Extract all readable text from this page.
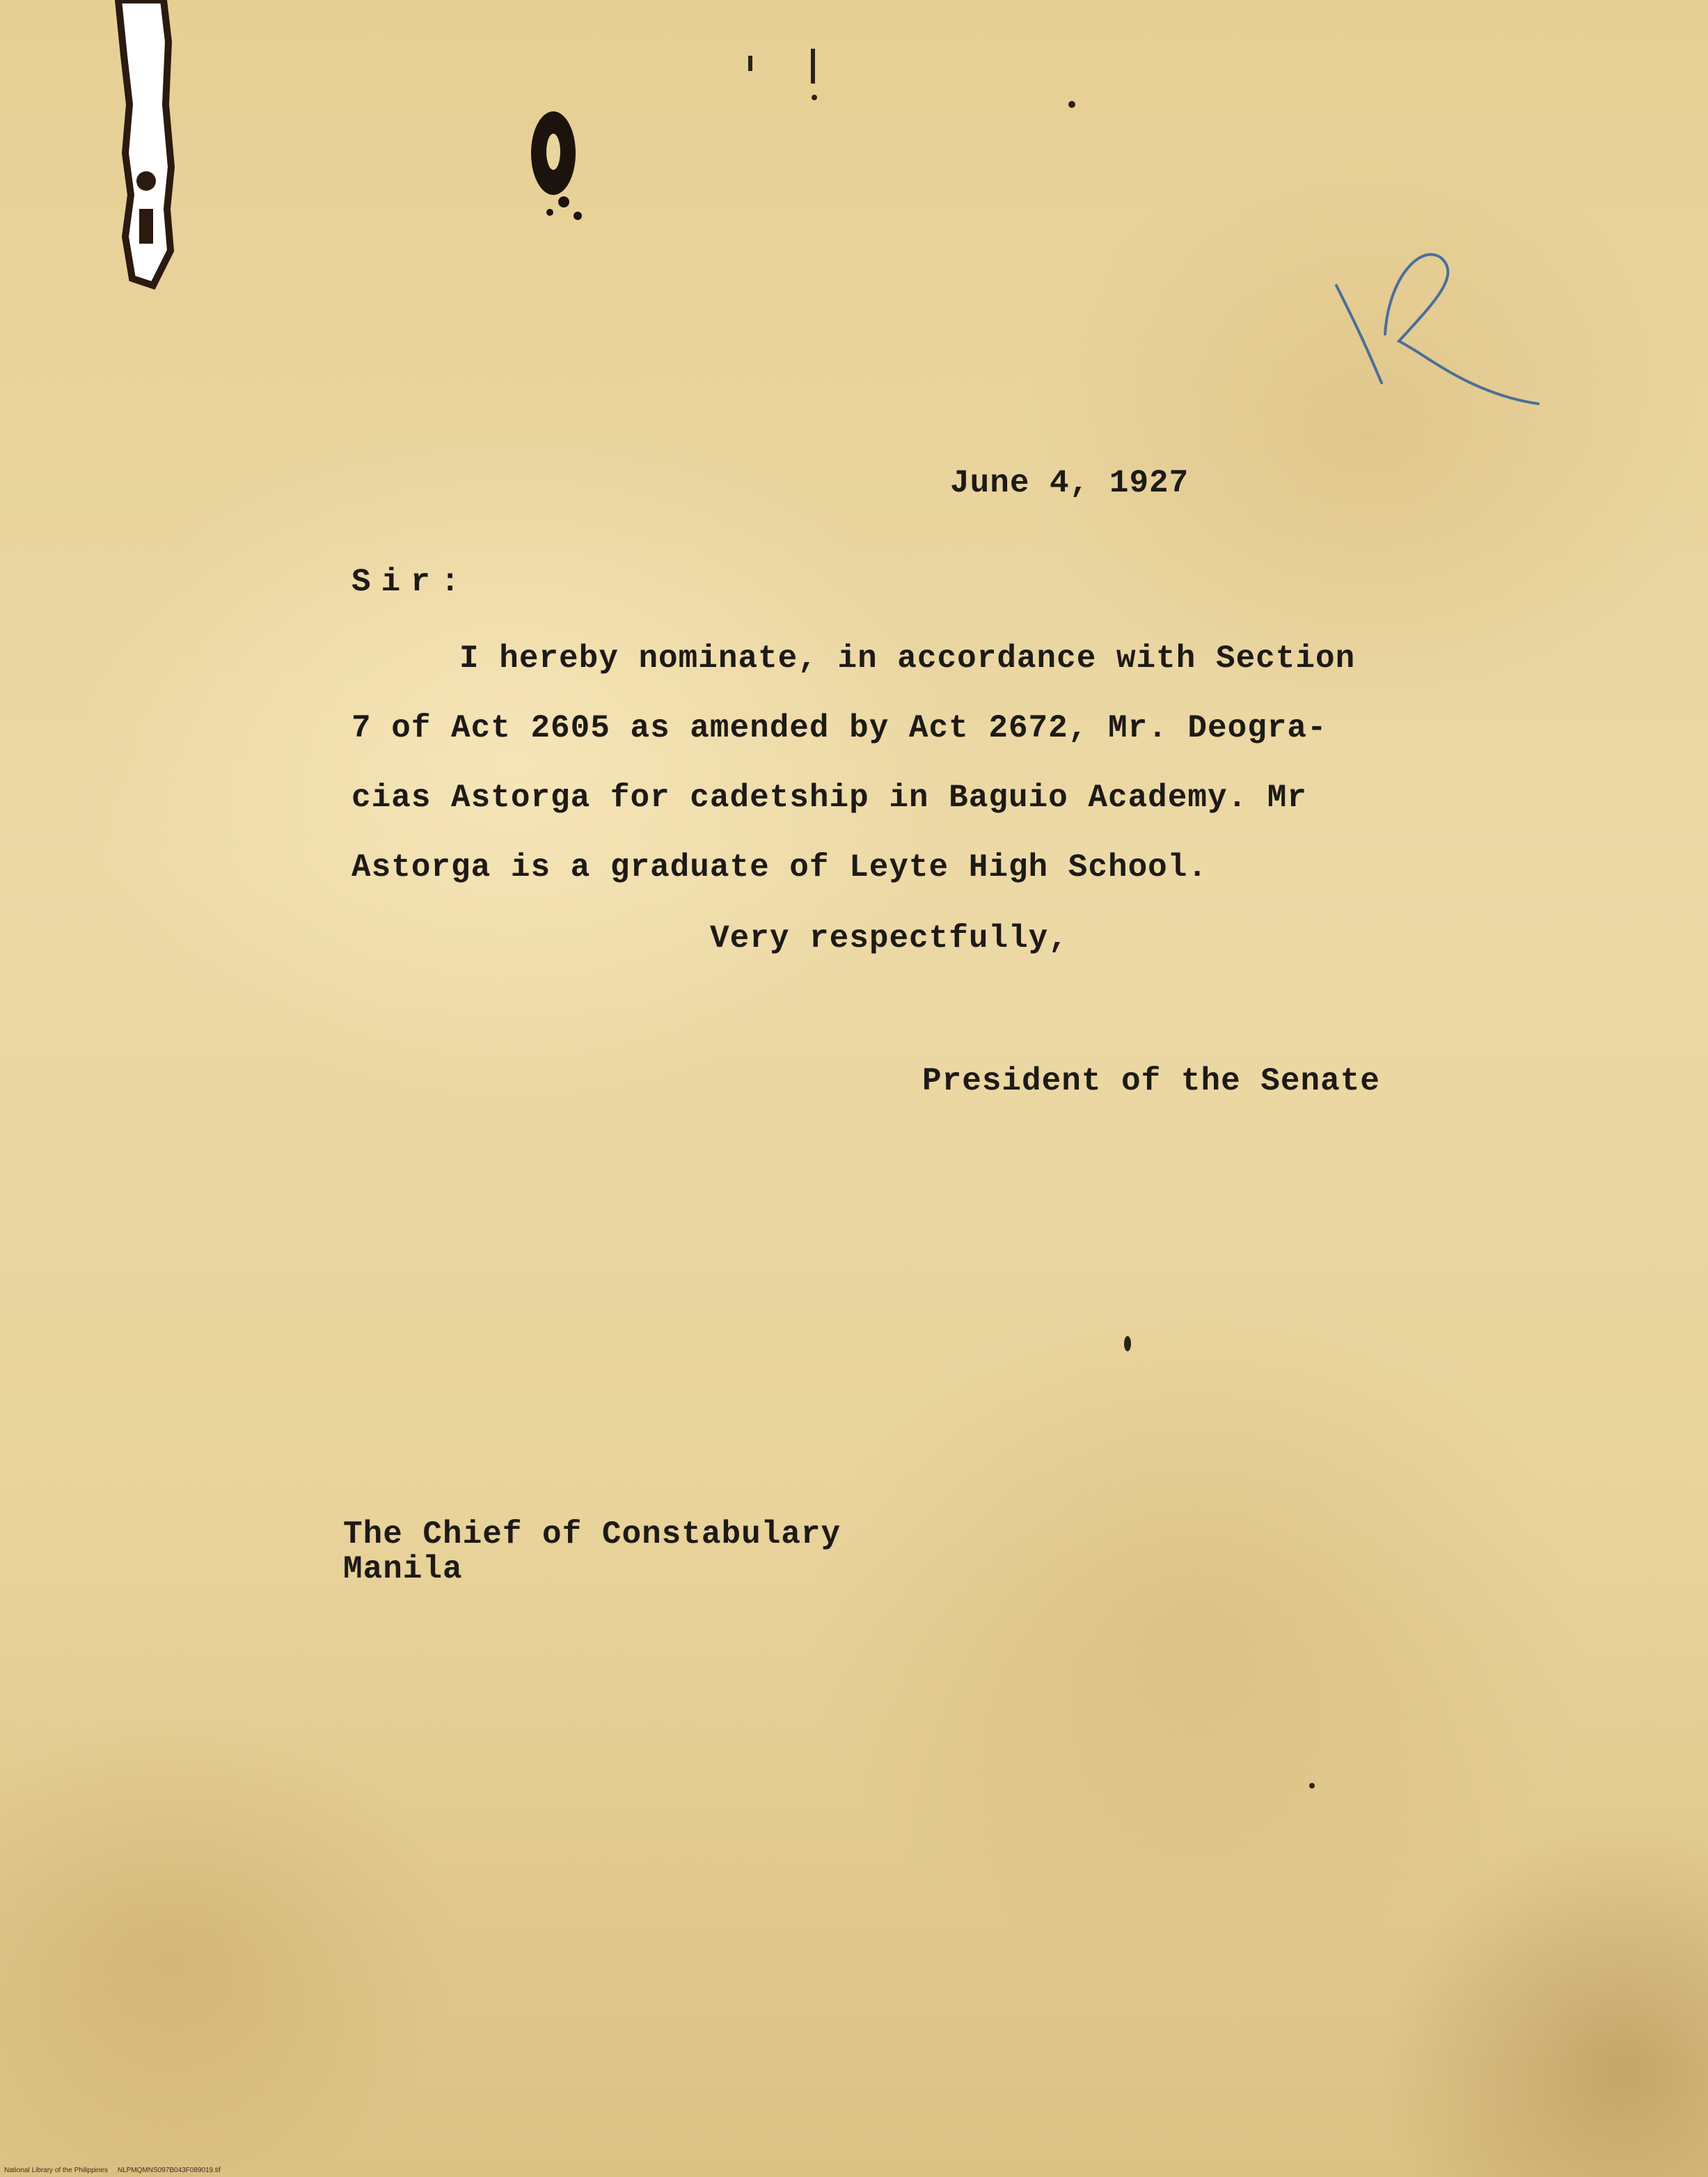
June 4, 1927
Sir:
I hereby nominate, in accordance with Section
7 of Act 2605 as amended by Act 2672, Mr. Deogra-
cias Astorga for cadetship in Baguio Academy. Mr
Astorga is a graduate of Leyte High School.
Very respectfully,
President of the Senate
The Chief of Constabulary
Manila
National Library of the Philippines NLPMQMNS097B043F089019.tif
